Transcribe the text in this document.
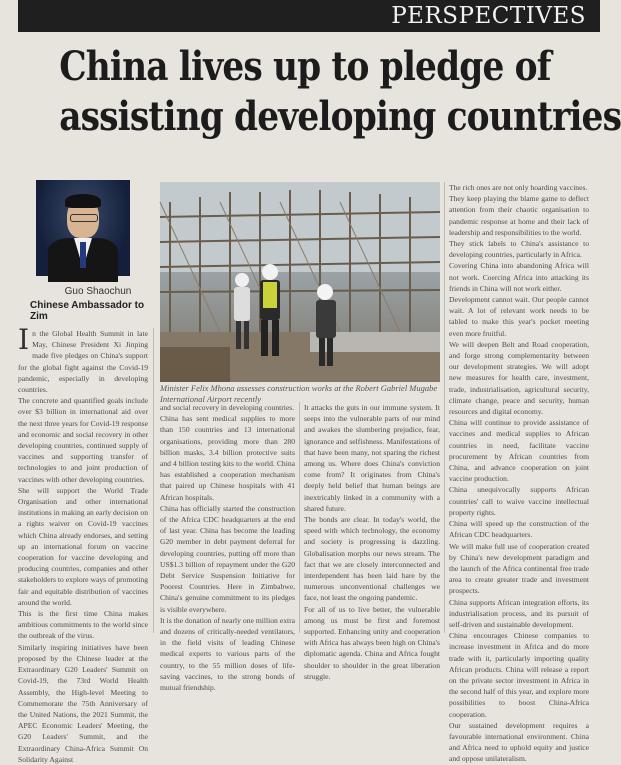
PERSPECTIVES
China lives up to pledge of
assisting developing countries
Guo Shaochun
Chinese Ambassador to Zim
Minister Felix Mhona assesses construction works at the Robert Gabriel Mugabe International Airport recently

In the Global Health Summit in late May, Chinese President Xi Jinping made five pledges on China's support for the global fight against the Covid-19 pandemic, especially in developing countries.

The concrete and quantified goals include over $3 billion in international aid over the next three years for Covid-19 response and economic and social recovery in other developing countries, continued supply of vaccines and supporting transfer of technologies to and joint production of vaccines with other developing countries.

She will support the World Trade Organisation and other international institutions in making an early decision on a rights waiver on Covid-19 vaccines which China already endorses, and setting up an international forum on vaccine cooperation for vaccine developing and producing countries, companies and other stakeholders to explore ways of promoting fair and equitable distribution of vaccines around the world.

This is the first time China makes ambitious commitments to the world since the outbreak of the virus.

Similarly inspiring initiatives have been proposed by the Chinese leader at the Extraordinary G20 Leaders' Summit on Covid-19, the 73rd World Health Assembly, the High-level Meeting to Commemorate the 75th Anniversary of the United Nations, the 2021 Summit, the APEC Economic Leaders' Meeting, the G20 Leaders' Summit, and the Extraordinary China-Africa Summit On Solidarity Against

and social recovery in developing countries.

China has sent medical supplies to more than 150 countries and 13 international organisations, providing more than 280 billion masks, 3.4 billion protective suits and 4 billion testing kits to the world. China has established a cooperation mechanism that paired up Chinese hospitals with 41 African hospitals.

China has officially started the construction of the Africa CDC headquarters at the end of last year. China has become the leading G20 member in debt payment deferral for developing countries, putting off more than US$1.3 billion of repayment under the G20 Debt Service Suspension Initiative for Poorest Countries. Here in Zimbabwe, China's genuine commitment to its pledges is visible everywhere.

It is the donation of nearly one million extra and dozens of critically-needed ventilators, in the field visits of leading Chinese medical experts to various parts of the country, to the 55 million doses of life-saving vaccines, to the strong bonds of mutual friendship.

It attacks the guts in our immune system. It seeps into the vulnerable parts of our mind and awakes the slumbering prejudice, fear, ignorance and selfishness. Manifestations of that have been many, not sparing the richest among us. Where does China's conviction come from? It originates from China's deeply held belief that human beings are inextricably linked in a community with a shared future.

The bonds are clear. In today's world, the speed with which technology, the economy and society is progressing is dazzling. Globalisation morphs our news stream. The fact that we are closely interconnected and interdependent has been laid bare by the numerous unconventional challenges we face, not least the ongoing pandemic.

For all of us to live better, the vulnerable among us must be first and foremost supported. Enhancing unity and cooperation with Africa has always been high on China's diplomatic agenda. China and Africa fought shoulder to shoulder in the great liberation struggle.

The rich ones are not only hoarding vaccines.

They keep playing the blame game to deflect attention from their chaotic organisation to pandemic response at home and their lack of leadership and responsibilities to the world.

They stick labels to China's assistance to developing countries, particularly in Africa.

Covering China into abandoning Africa will not work. Coercing Africa into attacking its friends in China will not work either.

Development cannot wait. Our people cannot wait. A lot of relevant work needs to be tabled to make this year's pocket meeting even more fruitful.

We will deepen Belt and Road cooperation, and forge strong complementarity between our development strategies. We will adopt new measures for health care, investment, trade, industrialisation, agricultural security, climate change, peace and security, human resources and digital economy.

China will continue to provide assistance of vaccines and medical supplies to African countries in need, facilitate vaccine procurement by African countries from China, and advance cooperation on joint vaccine production.

China unequivocally supports African countries' call to waive vaccine intellectual property rights.

China will speed up the construction of the African CDC headquarters.

We will make full use of cooperation created by China's new development paradigm and the launch of the Africa continental free trade area to create greater trade and investment prospects.

China supports African integration efforts, its industrialisation process, and its pursuit of self-driven and sustainable development.

China encourages Chinese companies to increase investment in Africa and do more trade with it, particularly importing quality African products. China will release a report on the private sector investment in Africa in the second half of this year, and explore more possibilities to boost China-Africa cooperation.

Our sustained development requires a favourable international environment. China and Africa need to uphold equity and justice and oppose unilateralism.
